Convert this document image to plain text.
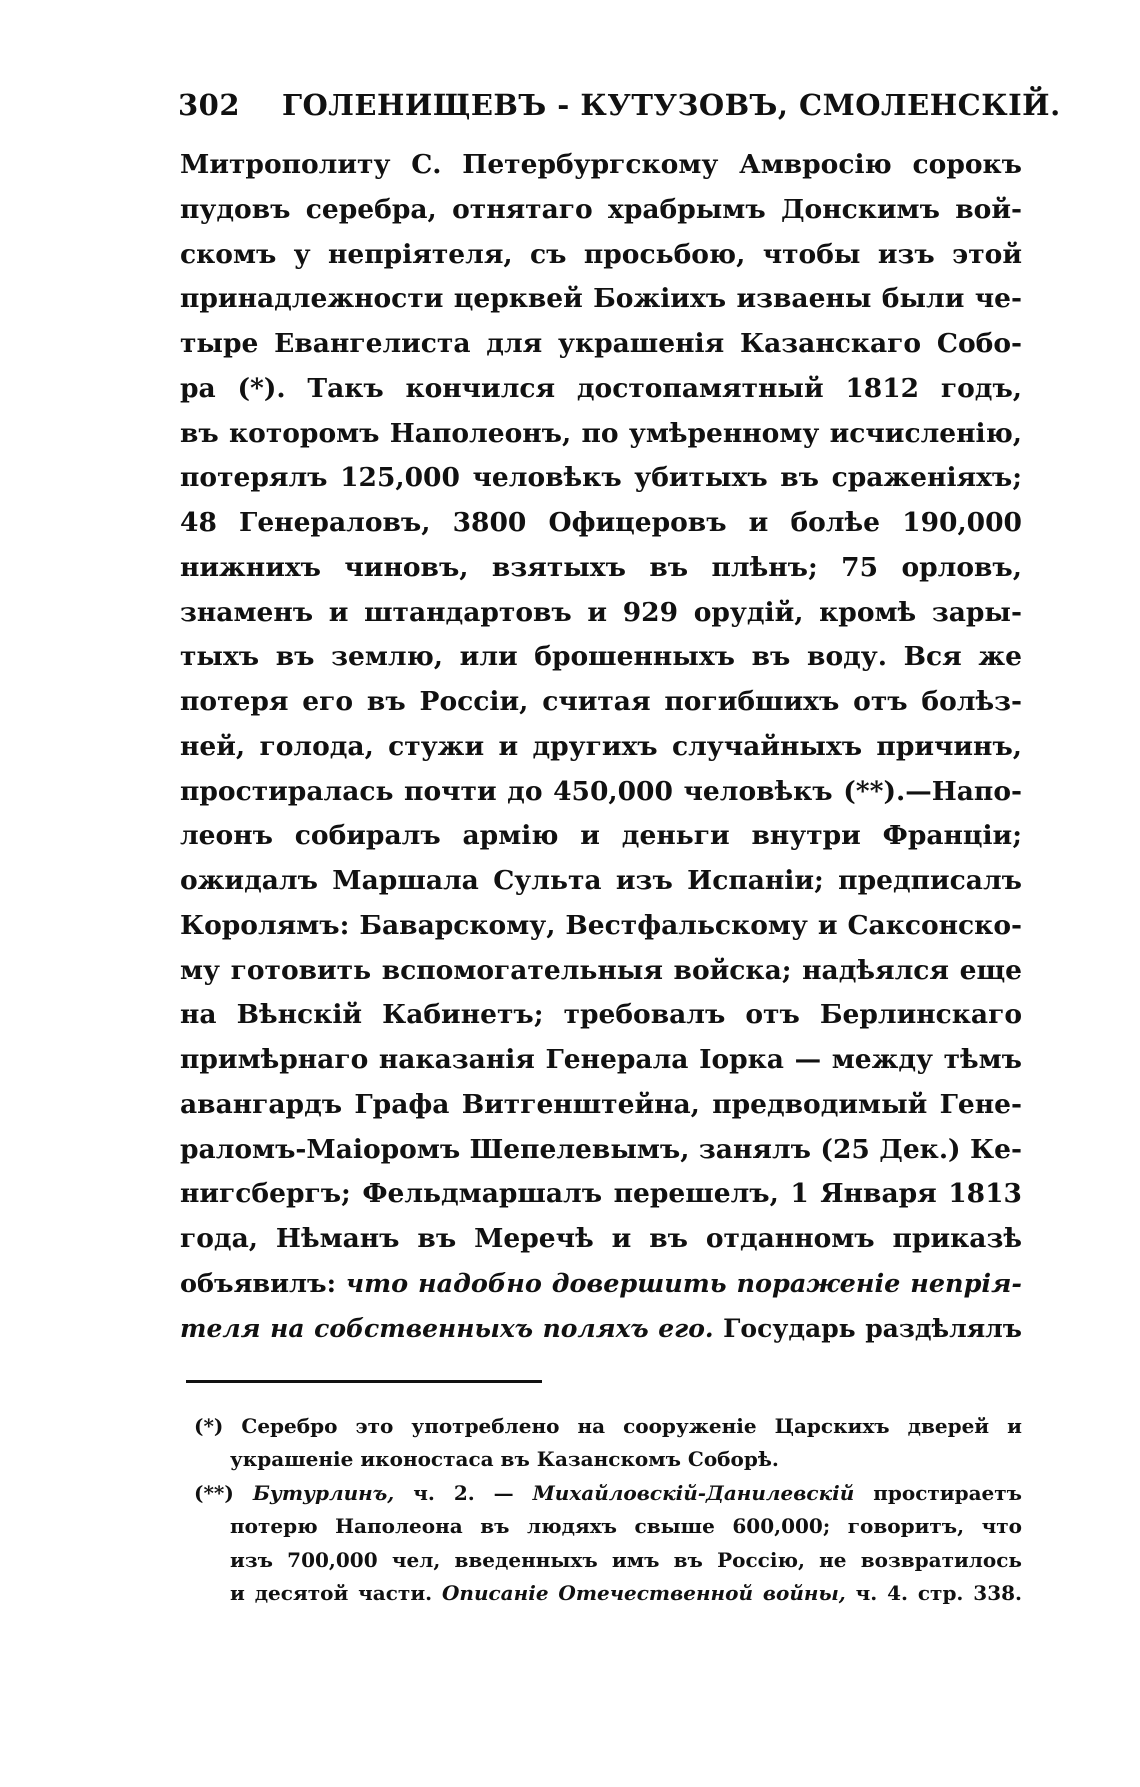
302 ГОЛЕНИЩЕВЪ - КУТУЗОВЪ, СМОЛЕНСКІЙ.
Митрополиту С. Петербургскому Амвросію сорокъ
пудовъ серебра, отнятаго храбрымъ Донскимъ вой-
скомъ у непріятеля, съ просьбою, чтобы изъ этой
принадлежности церквей Божіихъ изваены были че-
тыре Евангелиста для украшенія Казанскаго Собо-
ра (*). Такъ кончился достопамятный 1812 годъ,
въ которомъ Наполеонъ, по умѣренному исчисленію,
потерялъ 125,000 человѣкъ убитыхъ въ сраженіяхъ;
48 Генераловъ, 3800 Офицеровъ и болѣе 190,000
нижнихъ чиновъ, взятыхъ въ плѣнъ; 75 орловъ,
знаменъ и штандартовъ и 929 орудій, кромѣ зары-
тыхъ въ землю, или брошенныхъ въ воду. Вся же
потеря его въ Россіи, считая погибшихъ отъ болѣз-
ней, голода, стужи и другихъ случайныхъ причинъ,
простиралась почти до 450,000 человѣкъ (**).—Напо-
леонъ собиралъ армію и деньги внутри Франціи;
ожидалъ Маршала Сульта изъ Испаніи; предписалъ
Королямъ: Баварскому, Вестфальскому и Саксонско-
му готовить вспомогательныя войска; надѣялся еще
на Вѣнскій Кабинетъ; требовалъ отъ Берлинскаго
примѣрнаго наказанія Генерала Іорка — между тѣмъ
авангардъ Графа Витгенштейна, предводимый Гене-
раломъ-Маіоромъ Шепелевымъ, занялъ (25 Дек.) Ке-
нигсбергъ; Фельдмаршалъ перешелъ, 1 Января 1813
года, Нѣманъ въ Меречѣ и въ отданномъ приказѣ
объявилъ: что надобно довершить пораженіе непрія-
теля на собственныхъ поляхъ его. Государь раздѣлялъ
(*) Серебро это употреблено на сооруженіе Царскихъ дверей и
украшеніе иконостаса въ Казанскомъ Соборѣ.
(**) Бутурлинъ, ч. 2. — Михайловскій-Данилевскій простираетъ
потерю Наполеона въ людяхъ свыше 600,000; говоритъ, что
изъ 700,000 чел, введенныхъ имъ въ Россію, не возвратилось
и десятой части. Описаніе Отечественной войны, ч. 4. стр. 338.
